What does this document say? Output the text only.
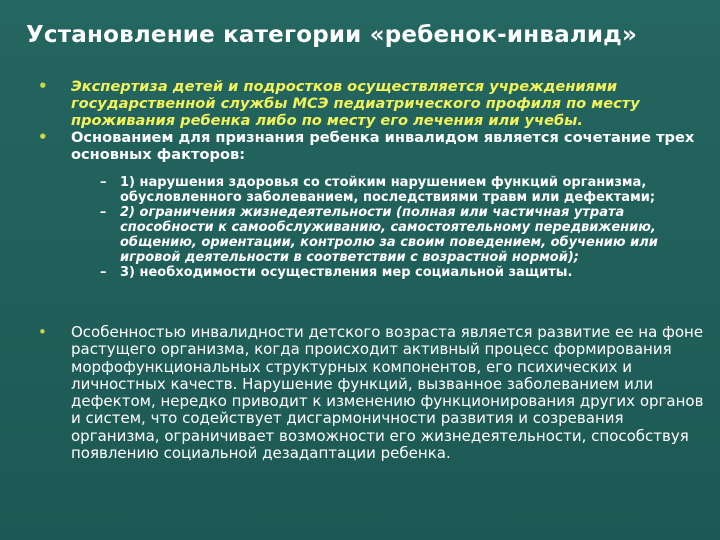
Установление категории «ребенок-инвалид»
• Экспертиза детей и подростков осуществляется учреждениями государственной службы МСЭ педиатрического профиля по месту проживания ребенка либо по месту его лечения или учебы.
• Основанием для признания ребенка инвалидом является сочетание трех основных факторов:
– 1) нарушения здоровья со стойким нарушением функций организма, обусловленного заболеванием, последствиями травм или дефектами;
– 2) ограничения жизнедеятельности (полная или частичная утрата способности к самообслуживанию, самостоятельному передвижению, общению, ориентации, контролю за своим поведением, обучению или игровой деятельности в соответствии с возрастной нормой);
– 3) необходимости осуществления мер социальной защиты.
• Особенностью инвалидности детского возраста является развитие ее на фоне растущего организма, когда происходит активный процесс формирования морфофункциональных структурных компонентов, его психических и личностных качеств. Нарушение функций, вызванное заболеванием или дефектом, нередко приводит к изменению функционирования других органов и систем, что содействует дисгармоничности развития и созревания организма, ограничивает возможности его жизнедеятельности, способствуя появлению социальной дезадаптации ребенка.
